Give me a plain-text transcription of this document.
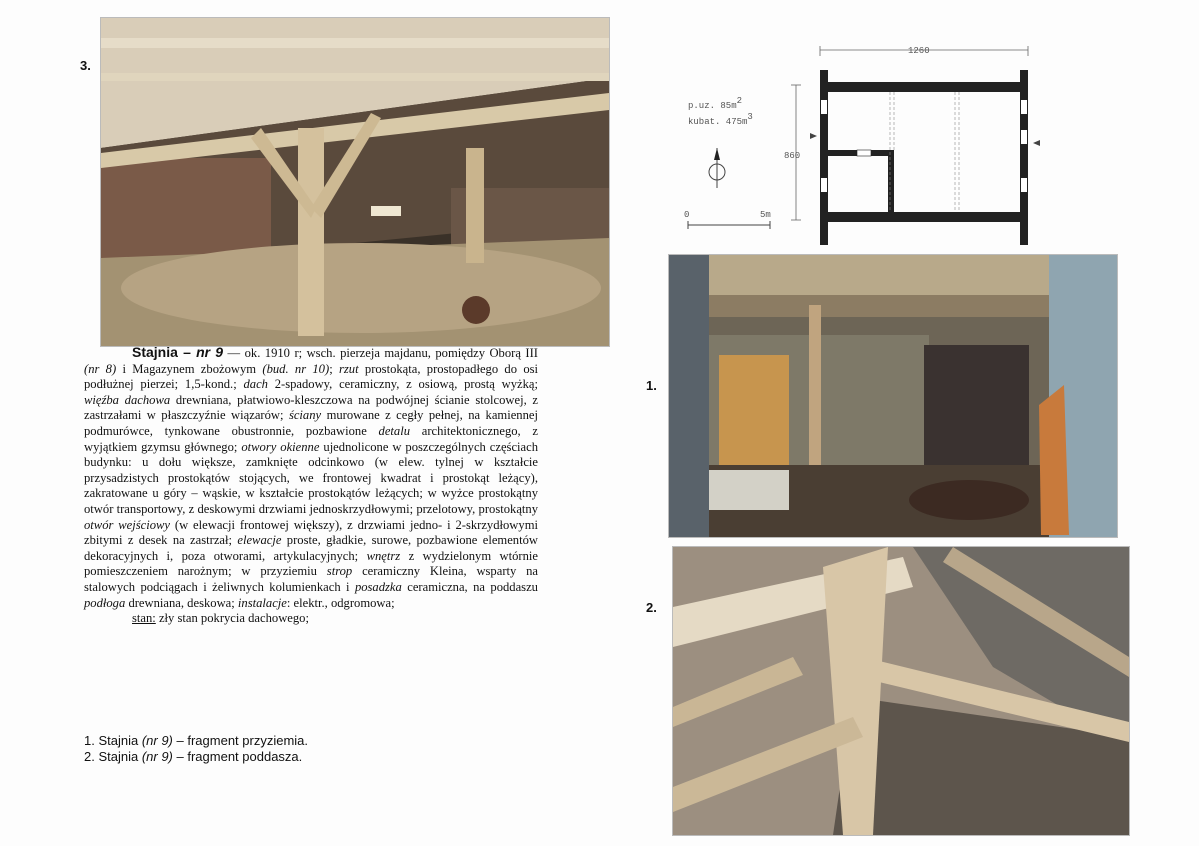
3.
1.
2.
1260
860
p.uz. 85m2
kubat. 475m3
0	5m
Stajnia – nr 9 — ok. 1910 r; wsch. pierzeja majdanu, pomiędzy Oborą III (nr 8) i Magazynem zbożowym (bud. nr 10); rzut prostokąta, prostopadłego do osi podłużnej pierzei; 1,5-kond.; dach 2-spadowy, ceramiczny, z osiową, prostą wyżką; więźba dachowa drewniana, płatwiowo-kleszczowa na podwójnej ścianie stolcowej, z zastrzałami w płaszczyźnie wiązarów; ściany murowane z cegły pełnej, na kamiennej podmurówce, tynkowane obustronnie, pozbawione detalu architektonicznego, z wyjątkiem gzymsu głównego; otwory okienne ujednolicone w poszczególnych częściach budynku: u dołu większe, zamknięte odcinkowo (w elew. tylnej w kształcie przysadzistych prostokątów stojących, we frontowej kwadrat i prostokąt leżący), zakratowane u góry – wąskie, w kształcie prostokątów leżących; w wyżce prostokątny otwór transportowy, z deskowymi drzwiami jednoskrzydłowymi; przelotowy, prostokątny otwór wejściowy (w elewacji frontowej większy), z drzwiami jedno- i 2-skrzydłowymi zbitymi z desek na zastrzał; elewacje proste, gładkie, surowe, pozbawione elementów dekoracyjnych i, poza otworami, artykulacyjnych; wnętrz z wydzielonym wtórnie pomieszczeniem narożnym; w przyziemiu strop ceramiczny Kleina, wsparty na stalowych podciągach i żeliwnych kolumienkach i posadzka ceramiczna, na poddaszu podłoga drewniana, deskowa; instalacje: elektr., odgromowa;
stan: zły stan pokrycia dachowego;
1. Stajnia (nr 9) – fragment przyziemia.
2. Stajnia (nr 9) – fragment poddasza.
